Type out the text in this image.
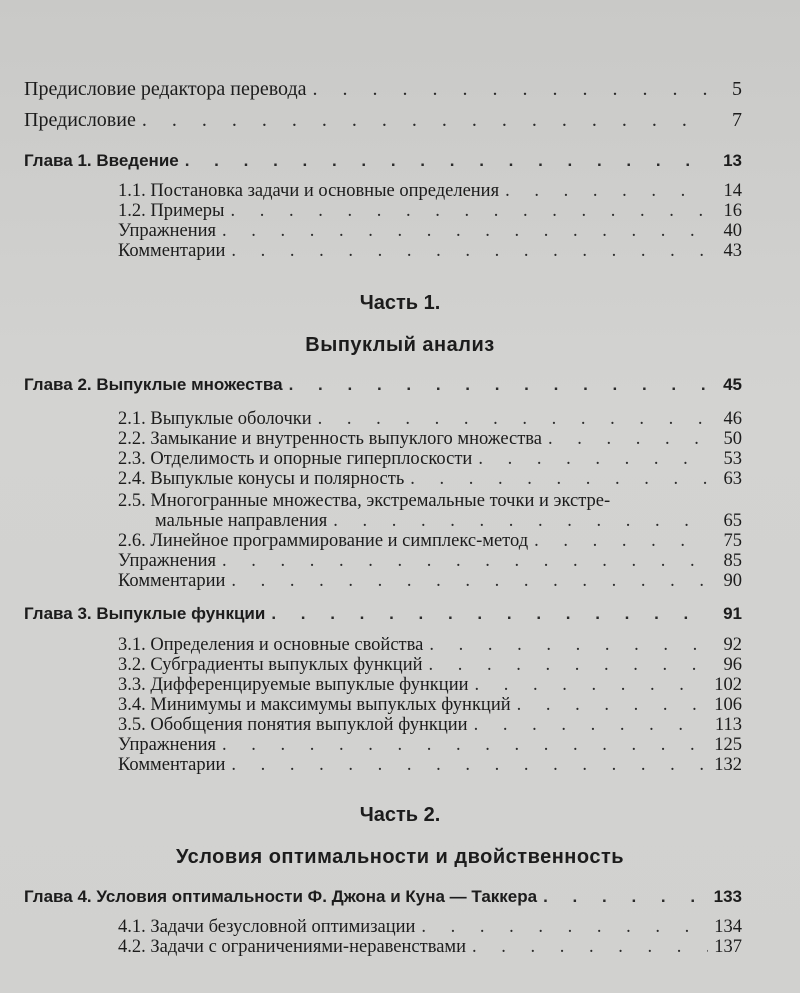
Предисловие редактора перевода . . .	5
Предисловие . . .	7
Глава 1. Введение . . .	13
1.1. Постановка задачи и основные определения . . .	14
1.2. Примеры . . .	16
Упражнения . . .	40
Комментарии . . .	43
Часть 1.
Выпуклый анализ
Глава 2. Выпуклые множества . . .	45
2.1. Выпуклые оболочки . . .	46
2.2. Замыкание и внутренность выпуклого множества . . .	50
2.3. Отделимость и опорные гиперплоскости . . .	53
2.4. Выпуклые конусы и полярность . . .	63
2.5. Многогранные множества, экстремальные точки и экстре-
мальные направления . . .	65
2.6. Линейное программирование и симплекс-метод . . .	75
Упражнения . . .	85
Комментарии . . .	90
Глава 3. Выпуклые функции . . .	91
3.1. Определения и основные свойства . . .	92
3.2. Субградиенты выпуклых функций . . .	96
3.3. Дифференцируемые выпуклые функции . . .	102
3.4. Минимумы и максимумы выпуклых функций . . .	106
3.5. Обобщения понятия выпуклой функции . . .	113
Упражнения . . .	125
Комментарии . . .	132
Часть 2.
Условия оптимальности и двойственность
Глава 4. Условия оптимальности Ф. Джона и Куна — Таккера . . .	133
4.1. Задачи безусловной оптимизации . . .	134
4.2. Задачи с ограничениями-неравенствами . . .	137
